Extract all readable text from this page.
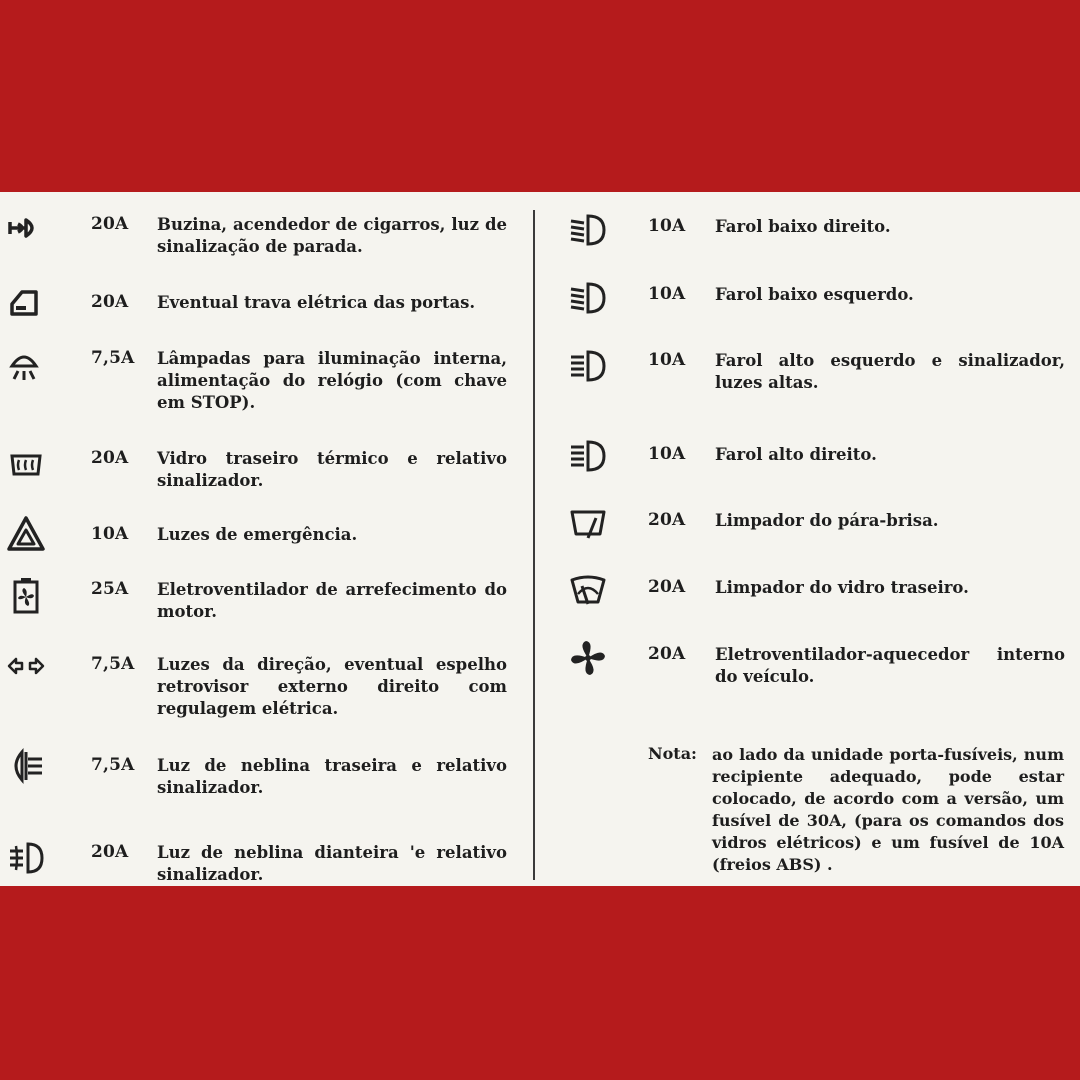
20A Buzina, acendedor de cigarros, luz de sinalização de parada.
20A Eventual trava elétrica das portas.
7,5A Lâmpadas para iluminação interna, alimentação do relógio (com chave em STOP).
20A Vidro traseiro térmico e relativo sinalizador.
10A Luzes de emergência.
25A Eletroventilador de arrefecimento do motor.
7,5A Luzes da direção, eventual espelho retrovisor externo direito com regulagem elétrica.
7,5A Luz de neblina traseira e relativo sinalizador.
20A Luz de neblina dianteira 'e relativo sinalizador.
10A Farol baixo direito.
10A Farol baixo esquerdo.
10A Farol alto esquerdo e sinalizador, luzes altas.
10A Farol alto direito.
20A Limpador do pára-brisa.
20A Limpador do vidro traseiro.
20A Eletroventilador-aquecedor interno do veículo.
Nota: ao lado da unidade porta-fusíveis, num recipiente adequado, pode estar colocado, de acordo com a versão, um fusível de 30A, (para os comandos dos vidros elétricos) e um fusível de 10A (freios ABS) .
